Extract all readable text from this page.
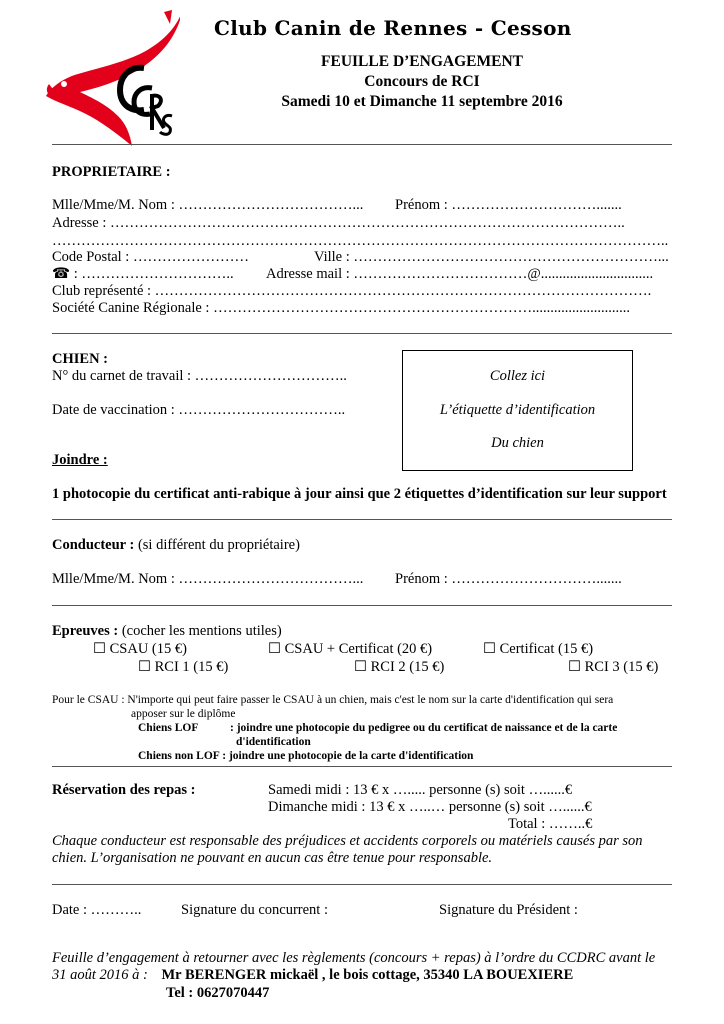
Club Canin de Rennes - Cesson
FEUILLE D’ENGAGEMENT
Concours de RCI
Samedi 10 et Dimanche 11 septembre 2016
PROPRIETAIRE :
Mlle/Mme/M. Nom : ………………………………... Prénom : ………………………….......
Adresse : ……………………………………………………………………………………………..
………………………………………………………………………………………………………………..
Code Postal : ……………………	Ville : ………………………………………………………...
☎ : ………………………….. Adresse mail : ………………………………@...............................
Club représenté : ………………………………………………………………………………………….
Société Canine Régionale : …………………………………………………………...........................
CHIEN :
N° du carnet de travail : …………………………..
Date de vaccination : ……………………………..
Joindre :
Collez ici
L’étiquette d’identification
Du chien
1 photocopie du certificat anti-rabique à jour ainsi que 2 étiquettes d’identification sur leur support
Conducteur : (si différent du propriétaire)
Mlle/Mme/M. Nom : ………………………………... Prénom : ………………………….......
Epreuves : (cocher les mentions utiles)
☐ CSAU (15 €)	☐ CSAU + Certificat (20 €)	☐ Certificat (15 €)
☐ RCI 1 (15 €)	☐ RCI 2 (15 €)	☐ RCI 3 (15 €)
Pour le CSAU : N'importe qui peut faire passer le CSAU à un chien, mais c'est le nom sur la carte d'identification qui sera
apposer sur le diplôme
Chiens LOF	: joindre une photocopie du pedigree ou du certificat de naissance et de la carte
d'identification
Chiens non LOF : joindre une photocopie de la carte d'identification
Réservation des repas :	Samedi midi : 13 € x …..... personne (s) soit …......€
Dimanche midi : 13 € x …..… personne (s) soit …......€
Total : ……..€
Chaque conducteur est responsable des préjudices et accidents corporels ou matériels causés par son
chien. L’organisation ne pouvant en aucun cas être tenue pour responsable.
Date : ………..	Signature du concurrent :	Signature du Président :
Feuille d’engagement à retourner avec les règlements (concours + repas) à l’ordre du CCDRC avant le
31 août 2016 à : Mr BERENGER mickaël , le bois cottage, 35340 LA BOUEXIERE
Tel : 0627070447
